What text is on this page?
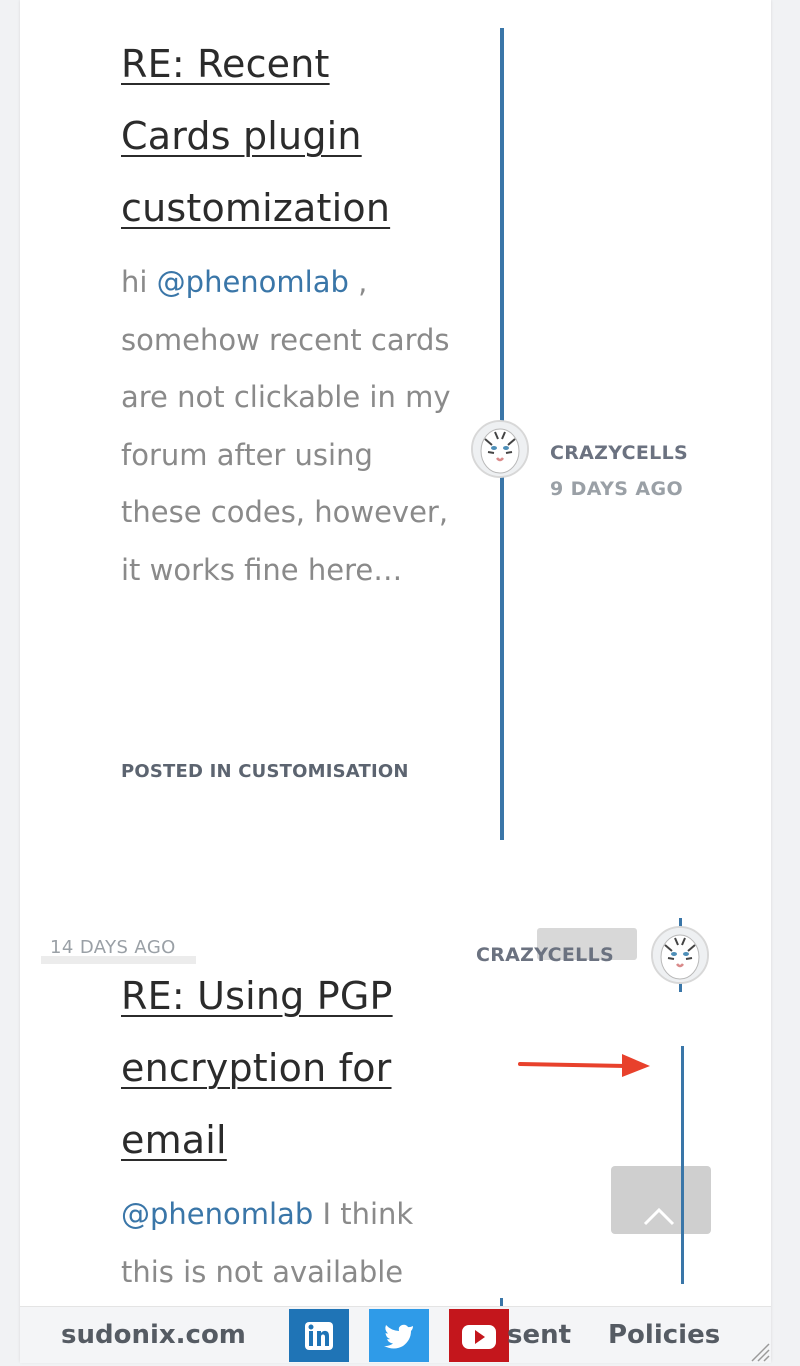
RE: Recent Cards plugin customization

hi @phenomlab , somehow recent cards are not clickable in my forum after using these codes, however, it works fine here…

POSTED IN CUSTOMISATION
CRAZYCELLS
9 DAYS AGO
14 DAYS AGO	CRAZYCELLS
RE: Using PGP encryption for email

@phenomlab I think this is not available

sudonix.com	sent Policies
